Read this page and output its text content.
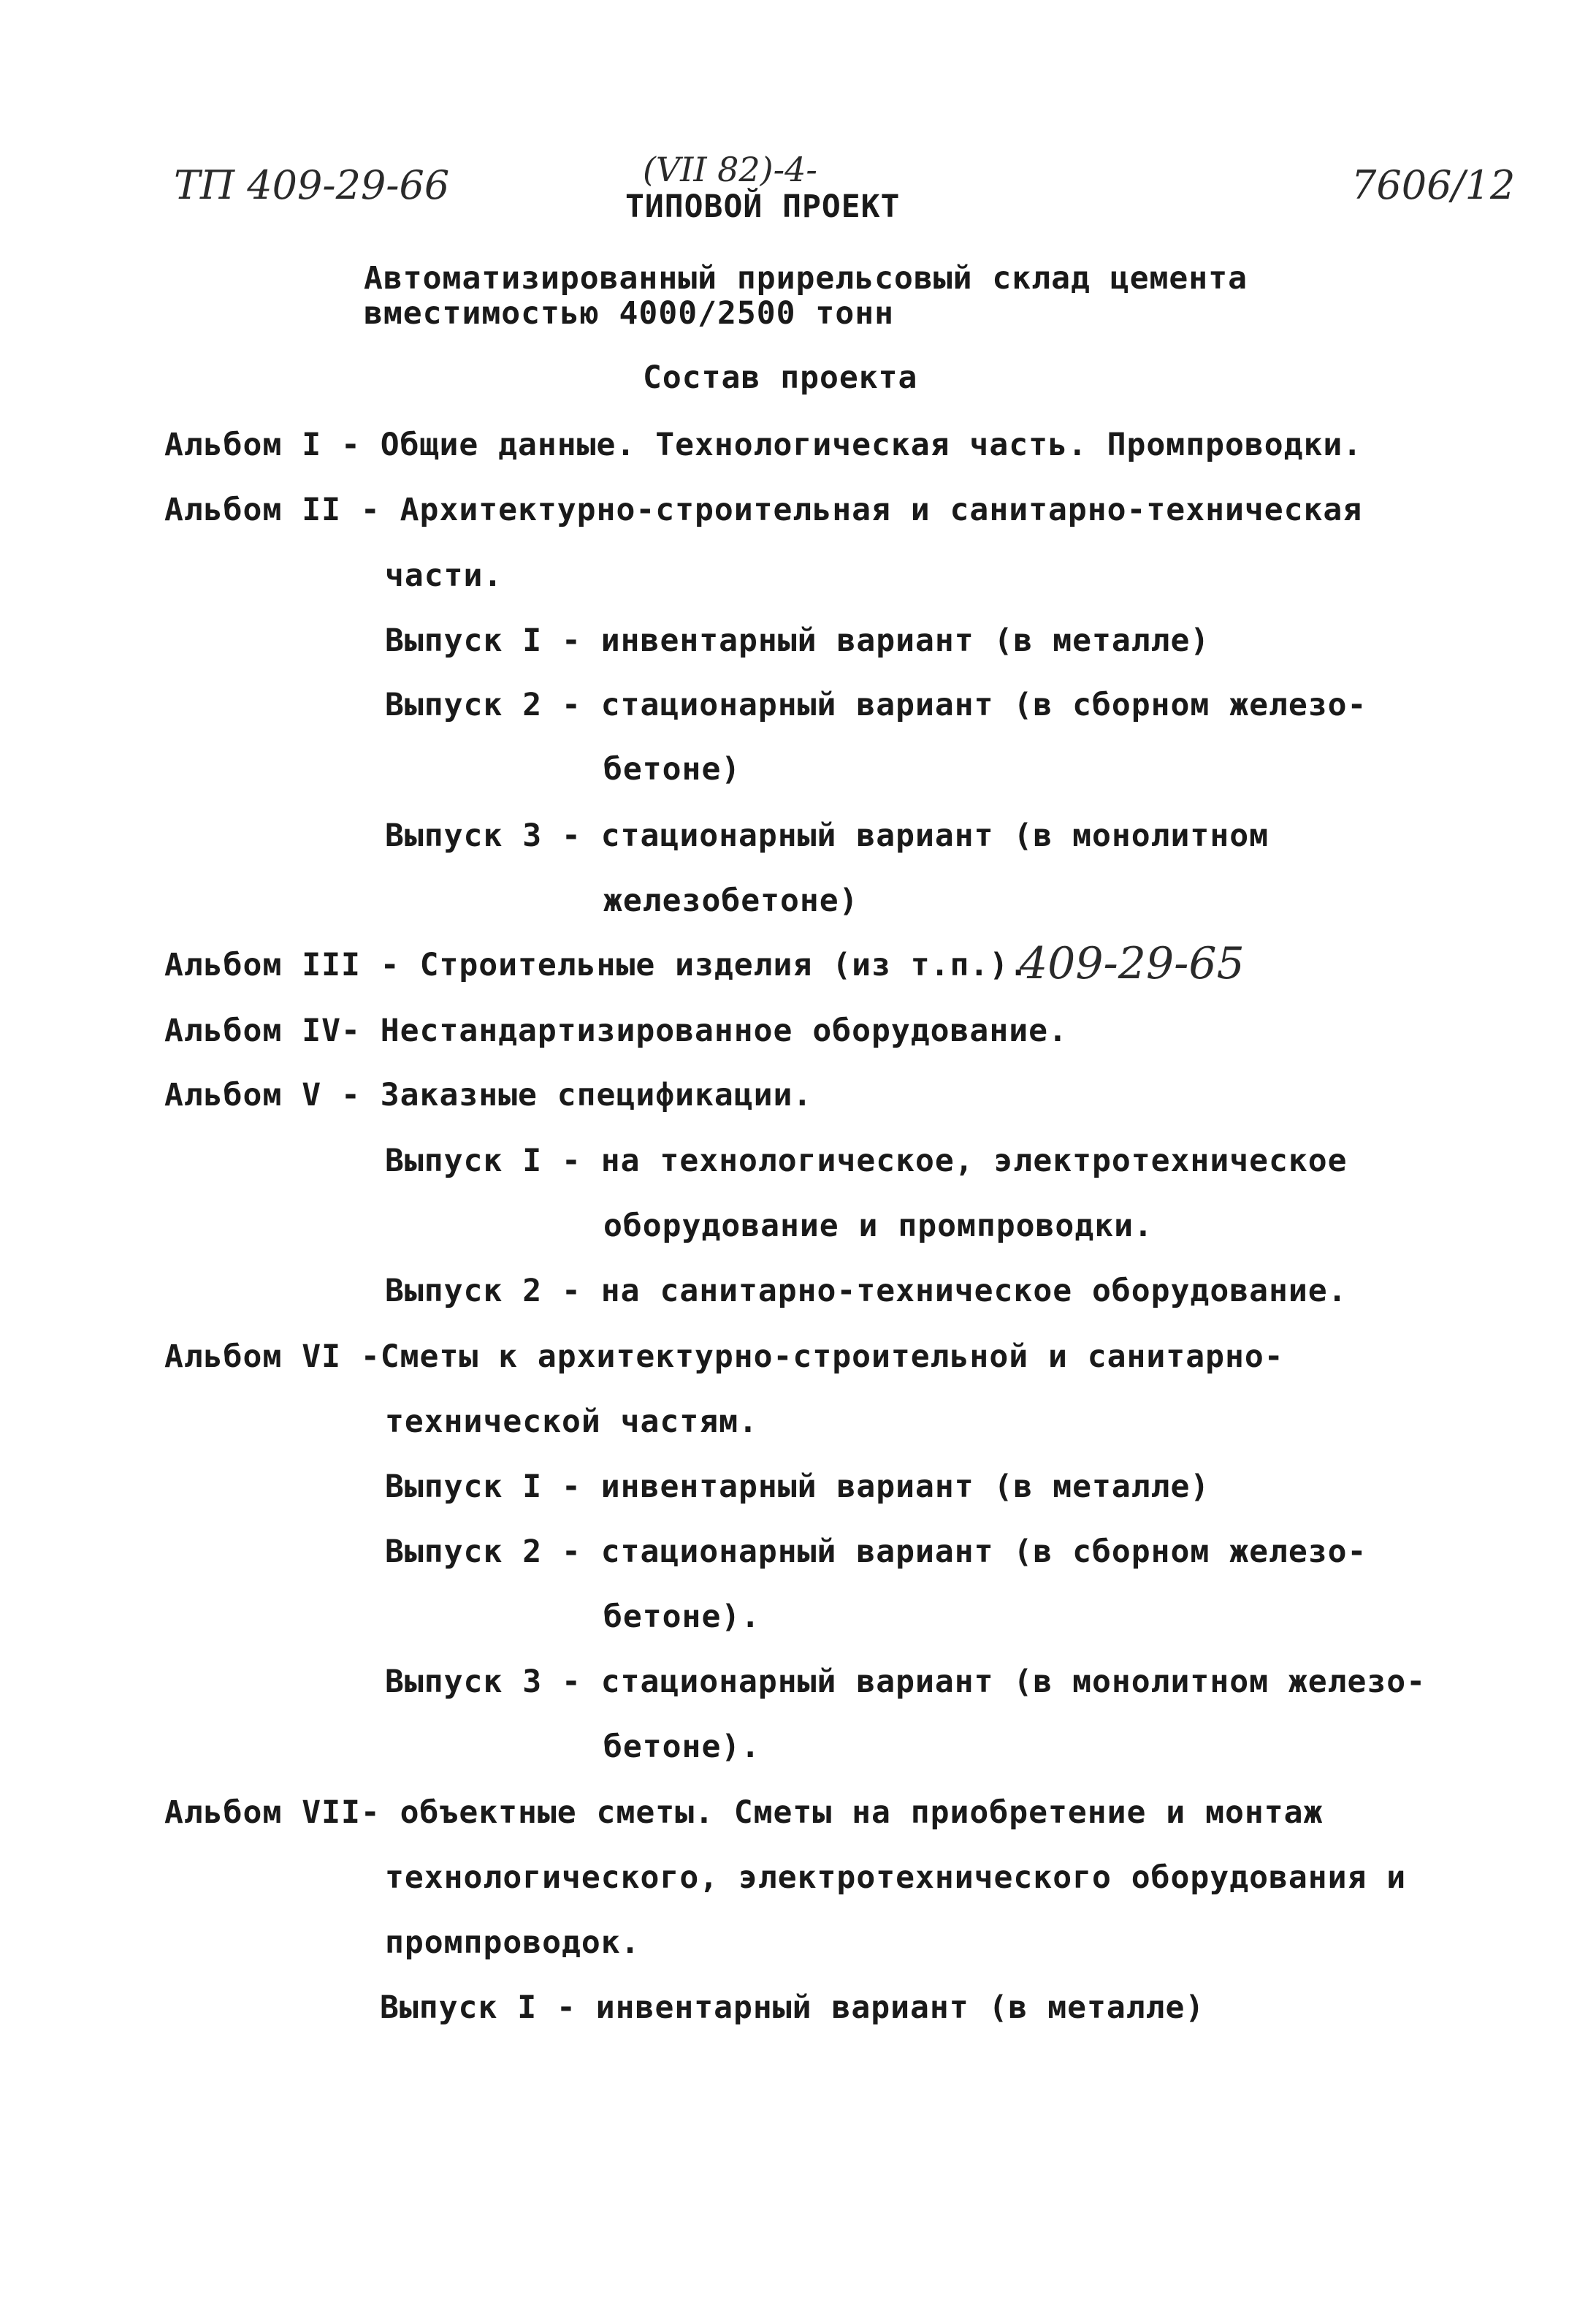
ТП 409-29-66	(VII 82)-4-
ТИПОВОЙ ПРОЕКТ	7606/12
Автоматизированный прирельсовый склад цемента
вместимостью 4000/2500 тонн
Состав проекта
Альбом I - Общие данные. Технологическая часть. Промпроводки.
Альбом II - Архитектурно-строительная и санитарно-техническая
части.
Выпуск I - инвентарный вариант (в металле)
Выпуск 2 - стационарный вариант (в сборном железо-
бетоне)
Выпуск 3 - стационарный вариант (в монолитном
железобетоне)
Альбом III - Строительные изделия (из т.п.).
409-29-65
Альбом IV- Нестандартизированное оборудование.
Альбом V - Заказные спецификации.
Выпуск I - на технологическое, электротехническое
оборудование и промпроводки.
Выпуск 2 - на санитарно-техническое оборудование.
Альбом VI -Сметы к архитектурно-строительной и санитарно-
технической частям.
Выпуск I - инвентарный вариант (в металле)
Выпуск 2 - стационарный вариант (в сборном железо-
бетоне).
Выпуск 3 - стационарный вариант (в монолитном железо-
бетоне).
Альбом VII- объектные сметы. Сметы на приобретение и монтаж
технологического, электротехнического оборудования и
промпроводок.
Выпуск I - инвентарный вариант (в металле)
